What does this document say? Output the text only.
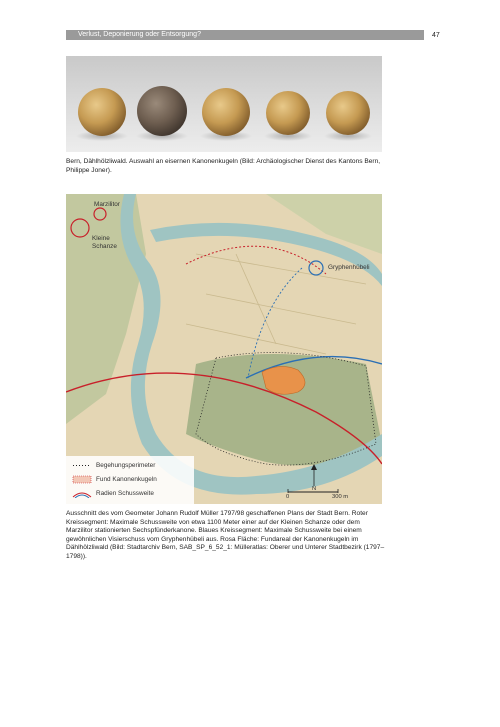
Verlust, Deponierung oder Entsorgung?	47
Bern, Dählhölzliwald. Auswahl an eisernen Kanonenkugeln (Bild: Archäologischer Dienst des Kantons Bern, Philippe Joner).
Marzilitor
Kleine
Schanze
Gryphenhübeli
Begehungsperimeter
Fund Kanonenkugeln
Radien Schussweite
N
0	300 m
Ausschnitt des vom Geometer Johann Rudolf Müller 1797/98 geschaffenen Plans der Stadt Bern. Roter Kreissegment: Maximale Schussweite von etwa 1100 Meter einer auf der Kleinen Schanze oder dem Marzilitor stationierten Sechspfünderkanone. Blaues Kreissegment: Maximale Schussweite bei einem gewöhnlichen Visierschuss vom Gryphenhübeli aus. Rosa Fläche: Fundareal der Kanonenkugeln im Dählhölzliwald (Bild: Stadtarchiv Bern, SAB_SP_6_52_1: Mülleratlas: Oberer und Unterer Stadtbezirk (1797–1798)).
